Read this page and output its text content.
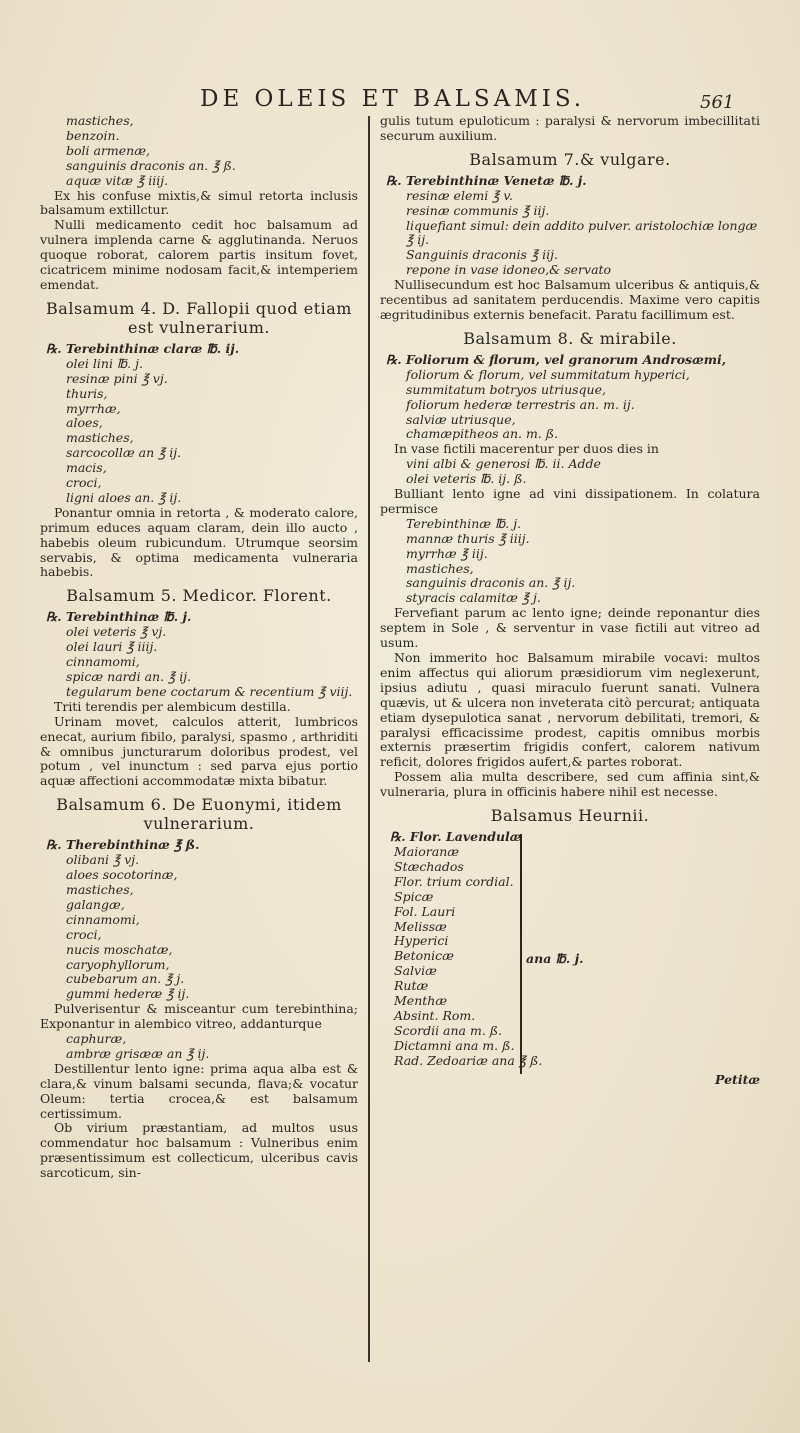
DE OLEIS ET BALSAMIS.	561

mastiches,

benzoin.

boli armenæ,

sanguinis draconis an. ℥ ß.

aquæ vitæ ℥ iiij.

Ex his confuse mixtis,& simul retorta inclusis balsamum extillctur.

Nulli medicamento cedit hoc balsamum ad vulnera implenda carne & agglutinanda. Neruos quoque roborat, calorem partis insitum fovet, cicatricem minime nodosam facit,& intemperiem emendat.

Balsamum 4. D. Fallopii quod etiam est vulnerarium.

℞. Terebinthinæ claræ ℔. ij.

olei lini ℔. j.

resinæ pini ℥ vj.

thuris,

myrrhæ,

aloes,

mastiches,

sarcocollæ an ℥ ij.

macis,

croci,

ligni aloes an. ℥ ij.

Ponantur omnia in retorta , & moderato calore, primum educes aquam claram, dein illo aucto , habebis oleum rubicundum. Utrumque seorsim servabis, & optima medicamenta vulneraria habebis.

Balsamum 5. Medicor. Florent.

℞. Terebinthinæ ℔. j.

olei veteris ℥ vj.

olei lauri ℥ iiij.

cinnamomi,

spicæ nardi an. ℥ ij.

tegularum bene coctarum & recentium ℥ viij.

Triti terendis per alembicum destilla.

Urinam movet, calculos atterit, lumbricos enecat, aurium fibilo, paralysi, spasmo , arthriditi & omnibus juncturarum doloribus prodest, vel potum , vel inunctum : sed parva ejus portio aquæ affectioni accommodatæ mixta bibatur.

Balsamum 6. De Euonymi, itidem vulnerarium.

℞. Therebinthinæ ℥ ß.

olibani ℥ vj.

aloes socotorinæ,

mastiches,

galangæ,

cinnamomi,

croci,

nucis moschatæ,

caryophyllorum,

cubebarum an. ℥ j.

gummi hederæ ℥ ij.

Pulverisentur & misceantur cum terebinthina; Exponantur in alembico vitreo, addanturque

caphuræ,

ambræ grisææ an ℥ ij.

Destillentur lento igne: prima aqua alba est & clara,& vinum balsami secunda, flava;& vocatur Oleum: tertia crocea,& est balsamum certissimum.

Ob virium præstantiam, ad multos usus commendatur hoc balsamum : Vulneribus enim præsentissimum est collecticum, ulceribus cavis sarcoticum, sin-

gulis tutum epuloticum : paralysi & nervorum imbecillitati securum auxilium.

Balsamum 7.& vulgare.

℞. Terebinthinæ Venetæ ℔. j.

resinæ elemi ℥ v.

resinæ communis ℥ iij.

liquefiant simul: dein addito pulver. aristolochiæ longæ ℥ ij.

Sanguinis draconis ℥ iij.

repone in vase idoneo,& servato

Nullisecundum est hoc Balsamum ulceribus & antiquis,& recentibus ad sanitatem perducendis. Maxime vero capitis ægritudinibus externis benefacit. Paratu facillimum est.

Balsamum 8. & mirabile.

℞. Foliorum & florum, vel granorum Androsæmi,

foliorum & florum, vel summitatum hyperici,

summitatum botryos utriusque,

foliorum hederæ terrestris an. m. ij.

salviæ utriusque,

chamæpitheos an. m. ß.

In vase fictili macerentur per duos dies in

vini albi & generosi ℔. ii. Adde

olei veteris ℔. ij. ß.

Bulliant lento igne ad vini dissipationem. In colatura permisce

Terebinthinæ ℔. j.

mannæ thuris ℥ iiij.

myrrhæ ℥ iij.

mastiches,

sanguinis draconis an. ℥ ij.

styracis calamitæ ℥ j.

Fervefiant parum ac lento igne; deinde reponantur dies septem in Sole , & serventur in vase fictili aut vitreo ad usum.

Non immerito hoc Balsamum mirabile vocavi: multos enim affectus qui aliorum præsidiorum vim neglexerunt, ipsius adiutu , quasi miraculo fuerunt sanati. Vulnera quævis, ut & ulcera non inveterata citò percurat; antiquata etiam dysepulotica sanat , nervorum debilitati, tremori, & paralysi efficacissime prodest, capitis omnibus morbis externis præsertim frigidis confert, calorem nativum reficit, dolores frigidos aufert,& partes roborat.

Possem alia multa describere, sed cum affinia sint,& vulneraria, plura in officinis habere nihil est necesse.

Balsamus Heurnii.

℞. Flor. Lavendulæ

Maioranæ

Stæchados

Flor. trium cordial.

Spicæ

Fol. Lauri

Melissæ

Hyperici

Betonicæ

Salviæ

Rutæ

Menthæ

Absint. Rom.

ana ℔. j.

Scordii ana m. ß.

Dictamni ana m. ß.

Rad. Zedoariæ ana ℥ ß.

Petitæ
